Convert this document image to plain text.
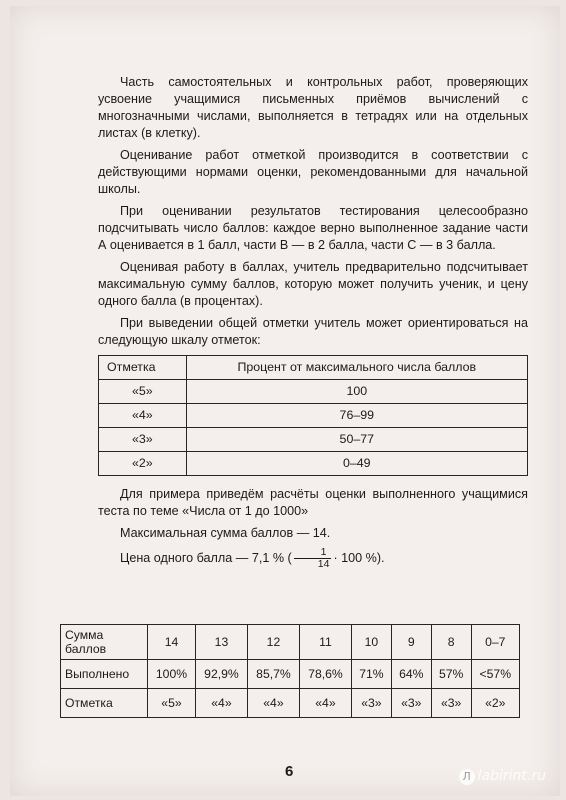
Часть самостоятельных и контрольных работ, проверяющих усвоение учащимися письменных приёмов вычислений с многозначными числами, выполняется в тетрадях или на отдельных листах (в клетку).

Оценивание работ отметкой производится в соответствии с действующими нормами оценки, рекомендованными для начальной школы.

При оценивании результатов тестирования целесообразно подсчитывать число баллов: каждое верно выполненное задание части А оценивается в 1 балл, части В — в 2 балла, части С — в 3 балла.

Оценивая работу в баллах, учитель предварительно подсчитывает максимальную сумму баллов, которую может получить ученик, и цену одного балла (в процентах).

При выведении общей отметки учитель может ориентироваться на следующую шкалу отметок:

Отметка	Процент от максимального числа баллов
«5»	100
«4»	76–99
«3»	50–77
«2»	0–49

Для примера приведём расчёты оценки выполненного учащимися теста по теме «Числа от 1 до 1000»

Максимальная сумма баллов — 14.

Цена одного балла — 7,1 % ( $\frac{1}{14} \cdot 100$ %).

Сумма баллов	14	13	12	11	10	9	8	0–7
Выполнено	100%	92,9%	85,7%	78,6%	71%	64%	57%	<57%
Отметка	«5»	«4»	«4»	«4»	«3»	«3»	«3»	«2»
6	Л labirint.ru
